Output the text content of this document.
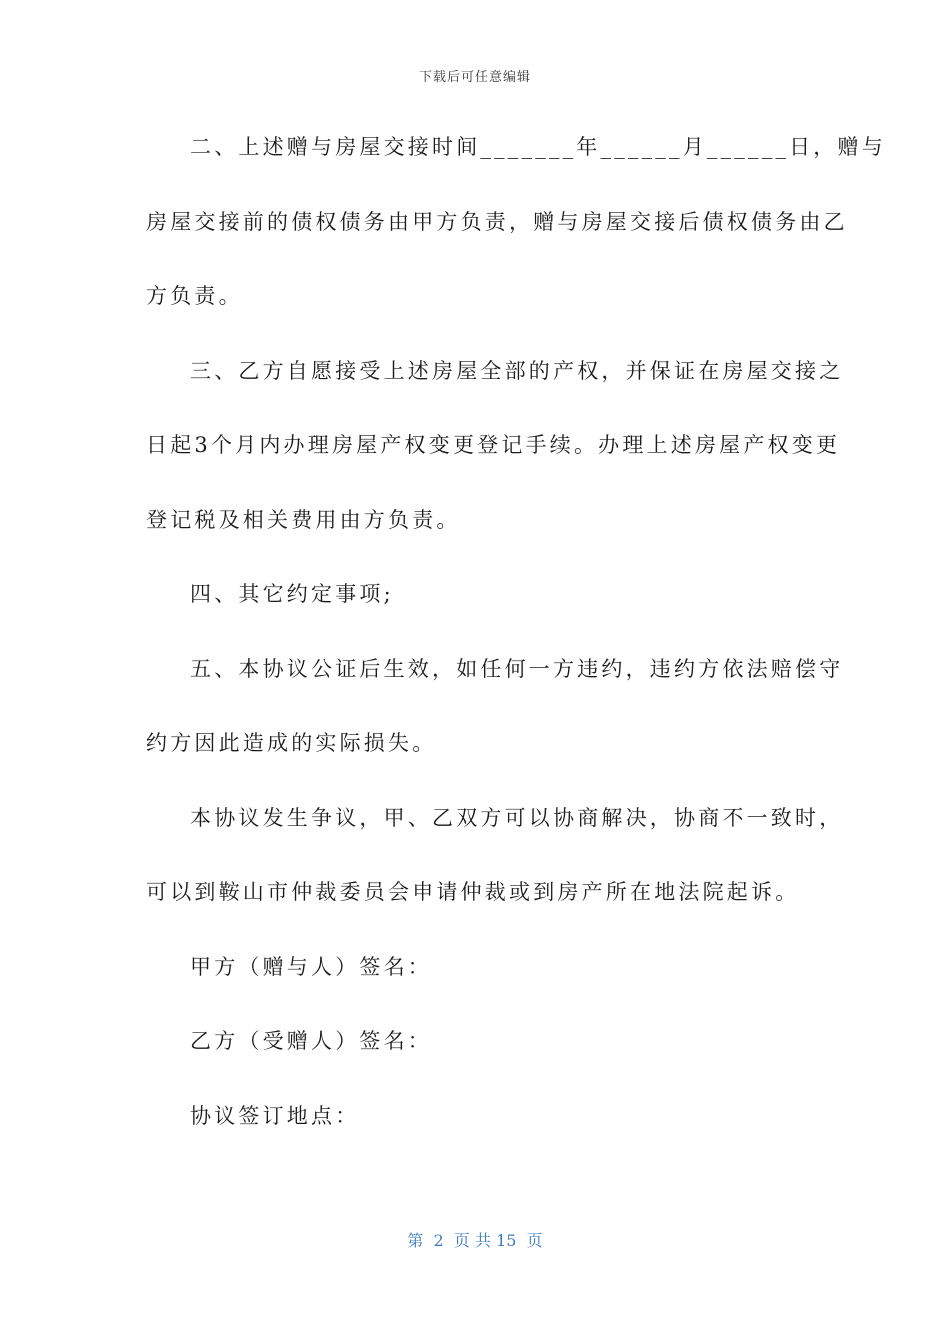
下载后可任意编辑
二、上述赠与房屋交接时间_______年______月______日，赠与
房屋交接前的债权债务由甲方负责，赠与房屋交接后债权债务由乙
方负责。
三、乙方自愿接受上述房屋全部的产权，并保证在房屋交接之
日起3个月内办理房屋产权变更登记手续。办理上述房屋产权变更
登记税及相关费用由方负责。
四、其它约定事项;
五、本协议公证后生效，如任何一方违约，违约方依法赔偿守
约方因此造成的实际损失。
本协议发生争议，甲、乙双方可以协商解决，协商不一致时，
可以到鞍山市仲裁委员会申请仲裁或到房产所在地法院起诉。
甲方（赠与人）签名：
乙方（受赠人）签名：
协议签订地点：
第  2  页 共 15  页
